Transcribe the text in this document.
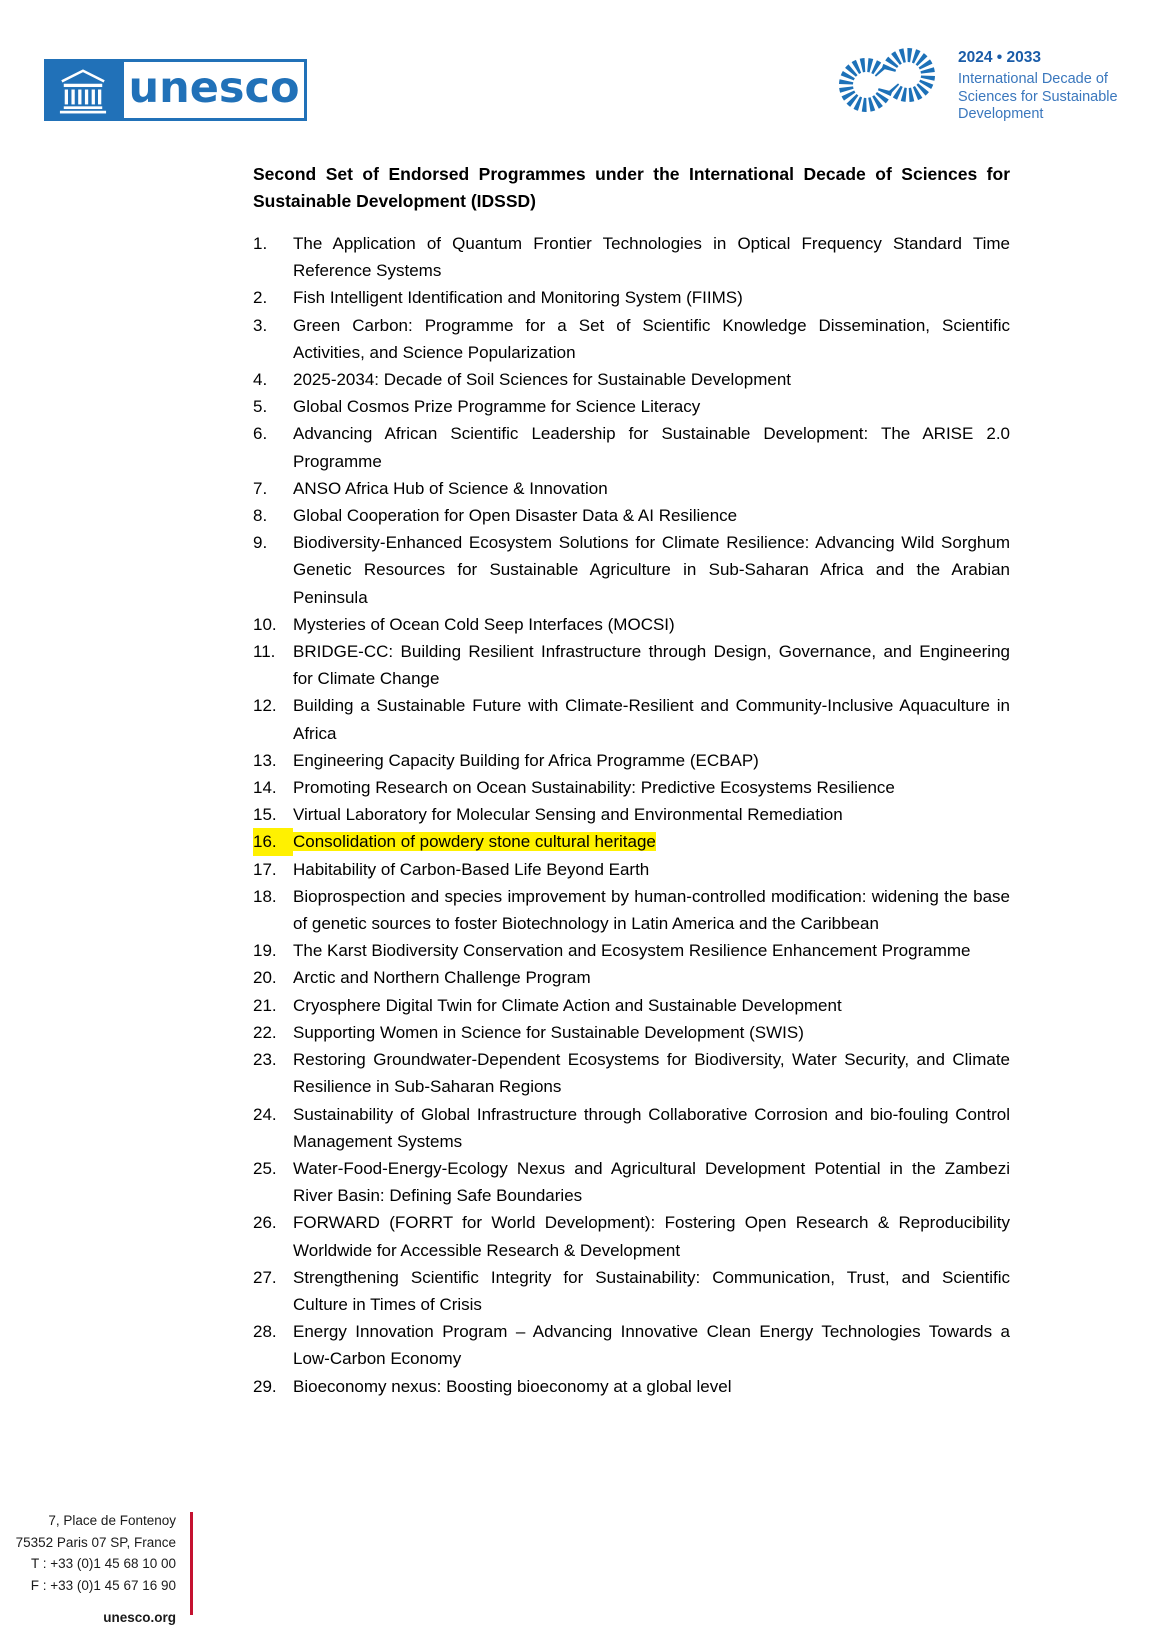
unesco
2024 • 2033
International Decade of
Sciences for Sustainable
Development
Second Set of Endorsed Programmes under the International Decade of Sciences for Sustainable Development (IDSSD)
1.	The Application of Quantum Frontier Technologies in Optical Frequency Standard Time Reference Systems
2.	Fish Intelligent Identification and Monitoring System (FIIMS)
3.	Green Carbon: Programme for a Set of Scientific Knowledge Dissemination, Scientific Activities, and Science Popularization
4.	2025-2034: Decade of Soil Sciences for Sustainable Development
5.	Global Cosmos Prize Programme for Science Literacy
6.	Advancing African Scientific Leadership for Sustainable Development: The ARISE 2.0 Programme
7.	ANSO Africa Hub of Science & Innovation
8.	Global Cooperation for Open Disaster Data & AI Resilience
9.	Biodiversity-Enhanced Ecosystem Solutions for Climate Resilience: Advancing Wild Sorghum Genetic Resources for Sustainable Agriculture in Sub-Saharan Africa and the Arabian Peninsula
10. Mysteries of Ocean Cold Seep Interfaces (MOCSI)
11.	BRIDGE-CC: Building Resilient Infrastructure through Design, Governance, and Engineering for Climate Change
12. Building a Sustainable Future with Climate-Resilient and Community-Inclusive Aquaculture in Africa
13. Engineering Capacity Building for Africa Programme (ECBAP)
14. Promoting Research on Ocean Sustainability: Predictive Ecosystems Resilience
15. Virtual Laboratory for Molecular Sensing and Environmental Remediation
16. Consolidation of powdery stone cultural heritage
17. Habitability of Carbon-Based Life Beyond Earth
18. Bioprospection and species improvement by human-controlled modification: widening the base of genetic sources to foster Biotechnology in Latin America and the Caribbean
19. The Karst Biodiversity Conservation and Ecosystem Resilience Enhancement Programme
20. Arctic and Northern Challenge Program
21. Cryosphere Digital Twin for Climate Action and Sustainable Development
22. Supporting Women in Science for Sustainable Development (SWIS)
23. Restoring Groundwater-Dependent Ecosystems for Biodiversity, Water Security, and Climate Resilience in Sub-Saharan Regions
24. Sustainability of Global Infrastructure through Collaborative Corrosion and bio-fouling Control Management Systems
25. Water-Food-Energy-Ecology Nexus and Agricultural Development Potential in the Zambezi River Basin: Defining Safe Boundaries
26. FORWARD (FORRT for World Development): Fostering Open Research & Reproducibility Worldwide for Accessible Research & Development
27. Strengthening Scientific Integrity for Sustainability: Communication, Trust, and Scientific Culture in Times of Crisis
28. Energy Innovation Program – Advancing Innovative Clean Energy Technologies Towards a Low-Carbon Economy
29. Bioeconomy nexus: Boosting bioeconomy at a global level
7, Place de Fontenoy
75352 Paris 07 SP, France
T : +33 (0)1 45 68 10 00
F : +33 (0)1 45 67 16 90
unesco.org
